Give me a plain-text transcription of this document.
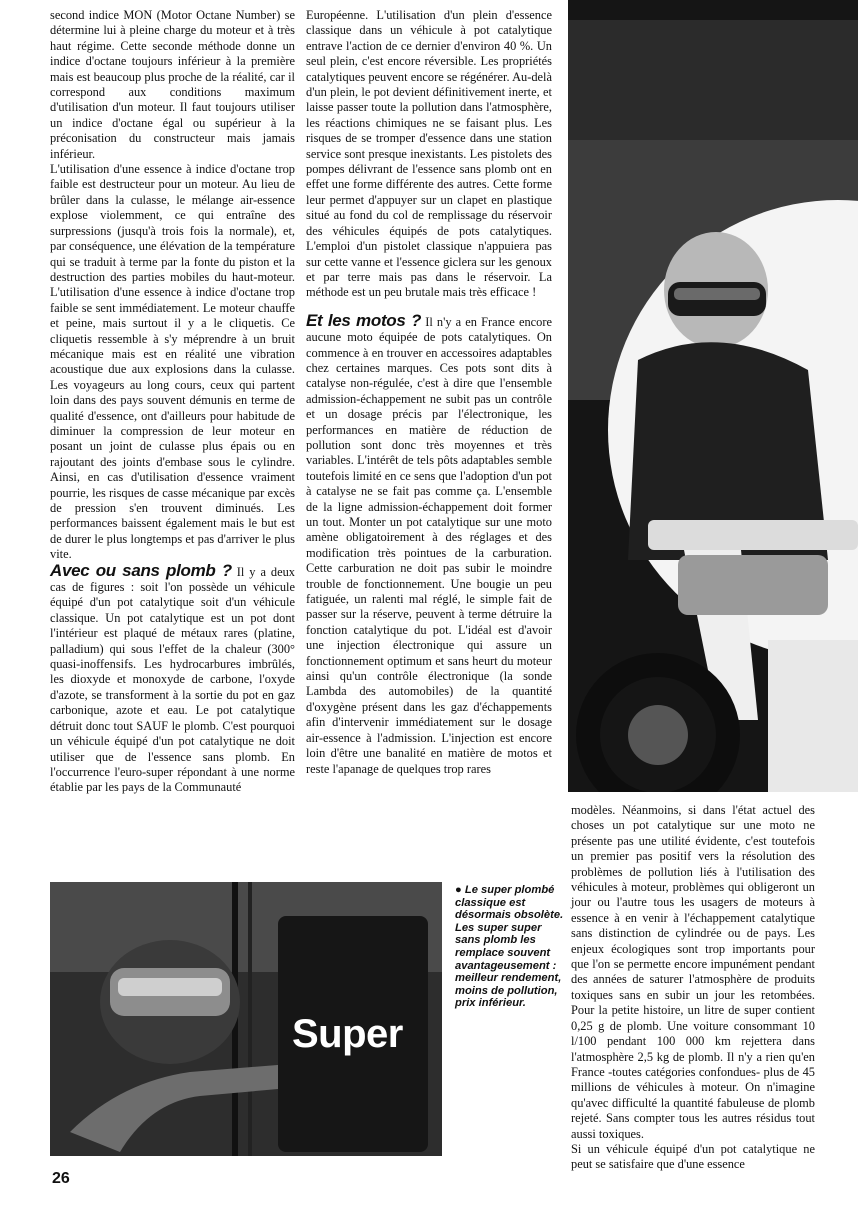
second indice MON (Motor Octane Number) se détermine lui à pleine charge du moteur et à très haut régime. Cette seconde méthode donne un indice d'octane toujours inférieur à la première mais est beaucoup plus proche de la réalité, car il correspond aux conditions maximum d'utilisation d'un moteur. Il faut toujours utiliser un indice d'octane égal ou supérieur à la préconisation du constructeur mais jamais inférieur.

L'utilisation d'une essence à indice d'octane trop faible est destructeur pour un moteur. Au lieu de brûler dans la culasse, le mélange air-essence explose violemment, ce qui entraîne des surpressions (jusqu'à trois fois la normale), et, par conséquence, une élévation de la température qui se traduit à terme par la fonte du piston et la destruction des parties mobiles du haut-moteur. L'utilisation d'une essence à indice d'octane trop faible se sent immédiatement. Le moteur chauffe et peine, mais surtout il y a le cliquetis. Ce cliquetis ressemble à s'y méprendre à un bruit mécanique mais est en réalité une vibration acoustique due aux explosions dans la culasse. Les voyageurs au long cours, ceux qui partent loin dans des pays souvent démunis en terme de qualité d'essence, ont d'ailleurs pour habitude de diminuer la compression de leur moteur en posant un joint de culasse plus épais ou en rajoutant des joints d'embase sous le cylindre. Ainsi, en cas d'utilisation d'essence vraiment pourrie, les risques de casse mécanique par excès de pression s'en trouvent diminués. Les performances baissent également mais le but est de durer le plus longtemps et pas d'arriver le plus vite.

Avec ou sans plomb ? Il y a deux cas de figures : soit l'on possède un véhicule équipé d'un pot catalytique soit d'un véhicule classique. Un pot catalytique est un pot dont l'intérieur est plaqué de métaux rares (platine, palladium) qui sous l'effet de la chaleur (300° quasi-inoffensifs. Les hydrocarbures imbrûlés, les dioxyde et monoxyde de carbone, l'oxyde d'azote, se transforment à la sortie du pot en gaz carbonique, azote et eau. Le pot catalytique détruit donc tout SAUF le plomb. C'est pourquoi un véhicule équipé d'un pot catalytique ne doit utiliser que de l'essence sans plomb. En l'occurrence l'euro-super répondant à une norme établie par les pays de la Communauté

Européenne. L'utilisation d'un plein d'essence classique dans un véhicule à pot catalytique entrave l'action de ce dernier d'environ 40 %. Un seul plein, c'est encore réversible. Les propriétés catalytiques peuvent encore se régénérer. Au-delà d'un plein, le pot devient définitivement inerte, et laisse passer toute la pollution dans l'atmosphère, les réactions chimiques ne se faisant plus. Les risques de se tromper d'essence dans une station service sont presque inexistants. Les pistolets des pompes délivrant de l'essence sans plomb ont en effet une forme différente des autres. Cette forme leur permet d'appuyer sur un clapet en plastique situé au fond du col de remplissage du réservoir des véhicules équipés de pots catalytiques. L'emploi d'un pistolet classique n'appuiera pas sur cette vanne et l'essence giclera sur les genoux et par terre mais pas dans le réservoir. La méthode est un peu brutale mais très efficace !

Et les motos ? Il n'y a en France encore aucune moto équipée de pots catalytiques. On commence à en trouver en accessoires adaptables chez certaines marques. Ces pots sont dits à catalyse non-régulée, c'est à dire que l'ensemble admission-échappement ne subit pas un contrôle et un dosage précis par l'électronique, les performances en matière de réduction de pollution sont donc très moyennes et très variables. L'intérêt de tels pôts adaptables semble toutefois limité en ce sens que l'adoption d'un pot à catalyse ne se fait pas comme ça. L'ensemble de la ligne admission-échappement doit former un tout. Monter un pot catalytique sur une moto amène obligatoirement à des réglages et des modification très pointues de la carburation. Cette carburation ne doit pas subir le moindre trouble de fonctionnement. Une bougie un peu fatiguée, un ralenti mal réglé, le simple fait de passer sur la réserve, peuvent à terme détruire la fonction catalytique du pot. L'idéal est d'avoir une injection électronique qui assure un fonctionnement optimum et sans heurt du moteur ainsi qu'un contrôle électronique (la sonde Lambda des automobiles) de la quantité d'oxygène présent dans les gaz d'échappements afin d'intervenir immédiatement sur le dosage air-essence à l'admission. L'injection est encore loin d'être une banalité en matière de motos et reste l'apanage de quelques trop rares

modèles. Néanmoins, si dans l'état actuel des choses un pot catalytique sur une moto ne présente pas une utilité évidente, c'est toutefois un premier pas positif vers la résolution des problèmes de pollution liés à l'utilisation des véhicules à moteur, problèmes qui obligeront un jour ou l'autre tous les usagers de moteurs à essence à en venir à l'échappement catalytique sans distinction de cylindrée ou de pays. Les enjeux écologiques sont trop importants pour que l'on se permette encore impunément pendant des années de saturer l'atmosphère de produits toxiques sans en subir un jour les retombées. Pour la petite histoire, un litre de super contient 0,25 g de plomb. Une voiture consommant 10 l/100 pendant 100 000 km rejettera dans l'atmosphère 2,5 kg de plomb. Il n'y a rien qu'en France -toutes catégories confondues- plus de 45 millions de véhicules à moteur. On n'imagine qu'avec difficulté la quantité fabuleuse de plomb rejeté. Sans compter tous les autres résidus tout aussi toxiques.

Si un véhicule équipé d'un pot catalytique ne peut se satisfaire que d'une essence

Super
● Le super plombé classique est désormais obsolète. Les super super sans plomb les remplace souvent avantageusement : meilleur rendement, moins de pollution, prix inférieur.
26
